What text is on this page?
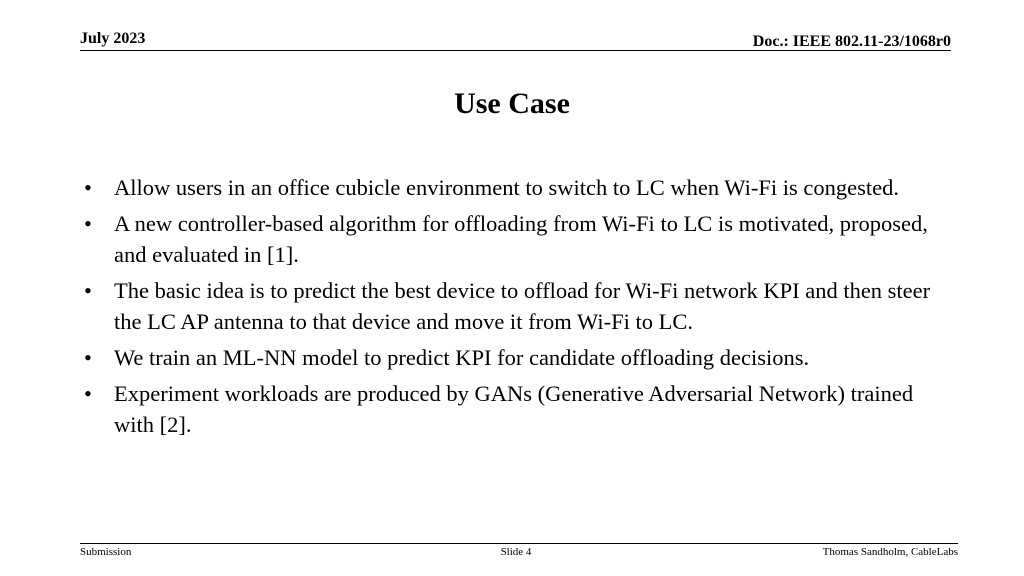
July 2023	Doc.: IEEE 802.11-23/1068r0
Use Case
• Allow users in an office cubicle environment to switch to LC when Wi-Fi is congested.
• A new controller-based algorithm for offloading from Wi-Fi to LC is motivated, proposed, and evaluated in [1].
• The basic idea is to predict the best device to offload for Wi-Fi network KPI and then steer the LC AP antenna to that device and move it from Wi-Fi to LC.
• We train an ML-NN model to predict KPI for candidate offloading decisions.
• Experiment workloads are produced by GANs (Generative Adversarial Network) trained with [2].
Submission	Slide 4	Thomas Sandholm, CableLabs
